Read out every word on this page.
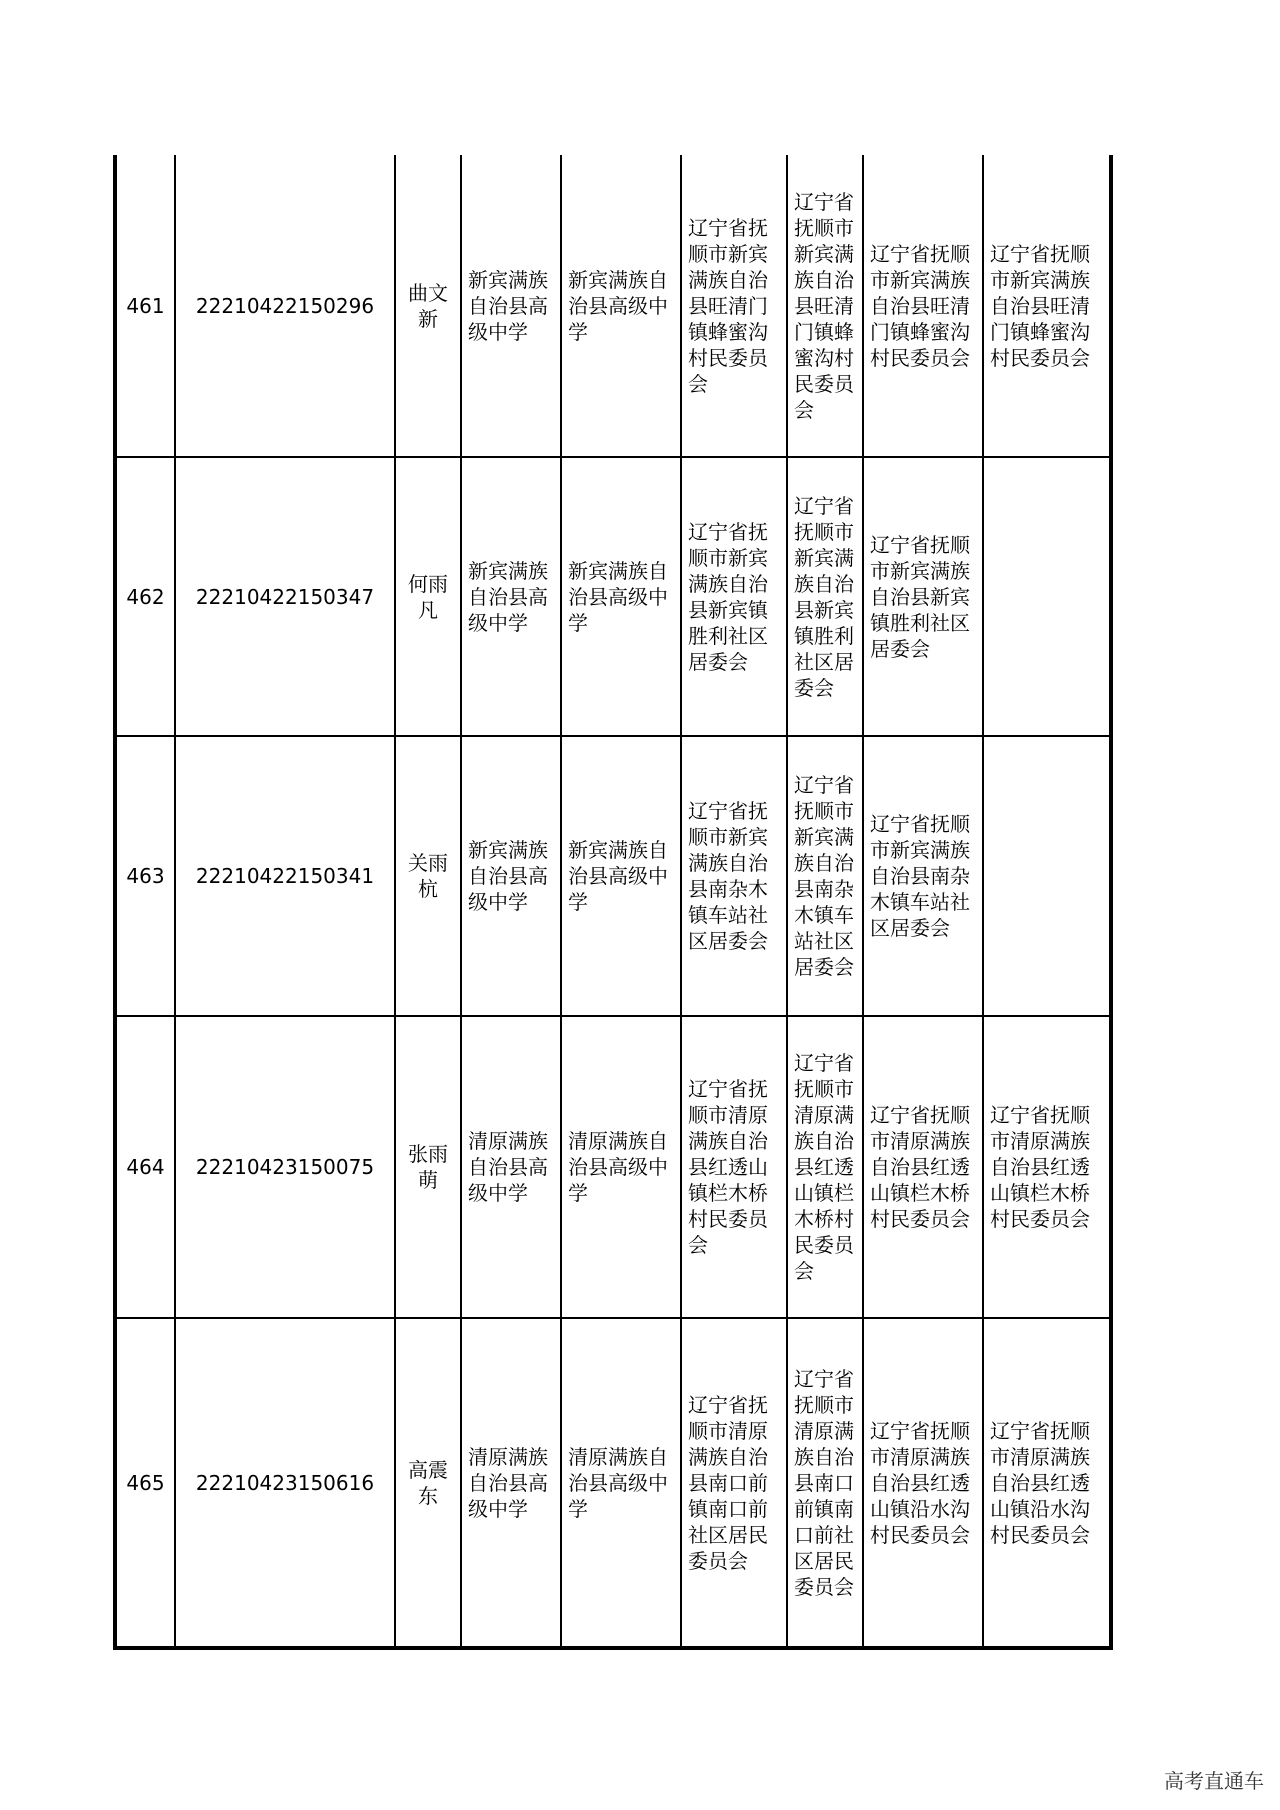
461	22210422150296	曲文新	新宾满族自治县高级中学	新宾满族自治县高级中学	辽宁省抚顺市新宾满族自治县旺清门镇蜂蜜沟村民委员会	辽宁省抚顺市新宾满族自治县旺清门镇蜂蜜沟村民委员会	辽宁省抚顺市新宾满族自治县旺清门镇蜂蜜沟村民委员会	辽宁省抚顺市新宾满族自治县旺清门镇蜂蜜沟村民委员会
462	22210422150347	何雨凡	新宾满族自治县高级中学	新宾满族自治县高级中学	辽宁省抚顺市新宾满族自治县新宾镇胜利社区居委会	辽宁省抚顺市新宾满族自治县新宾镇胜利社区居委会	辽宁省抚顺市新宾满族自治县新宾镇胜利社区居委会	
463	22210422150341	关雨杭	新宾满族自治县高级中学	新宾满族自治县高级中学	辽宁省抚顺市新宾满族自治县南杂木镇车站社区居委会	辽宁省抚顺市新宾满族自治县南杂木镇车站社区居委会	辽宁省抚顺市新宾满族自治县南杂木镇车站社区居委会	
464	22210423150075	张雨萌	清原满族自治县高级中学	清原满族自治县高级中学	辽宁省抚顺市清原满族自治县红透山镇栏木桥村民委员会	辽宁省抚顺市清原满族自治县红透山镇栏木桥村民委员会	辽宁省抚顺市清原满族自治县红透山镇栏木桥村民委员会	辽宁省抚顺市清原满族自治县红透山镇栏木桥村民委员会
465	22210423150616	高震东	清原满族自治县高级中学	清原满族自治县高级中学	辽宁省抚顺市清原满族自治县南口前镇南口前社区居民委员会	辽宁省抚顺市清原满族自治县南口前镇南口前社区居民委员会	辽宁省抚顺市清原满族自治县红透山镇沿水沟村民委员会	辽宁省抚顺市清原满族自治县红透山镇沿水沟村民委员会
高考直通车
